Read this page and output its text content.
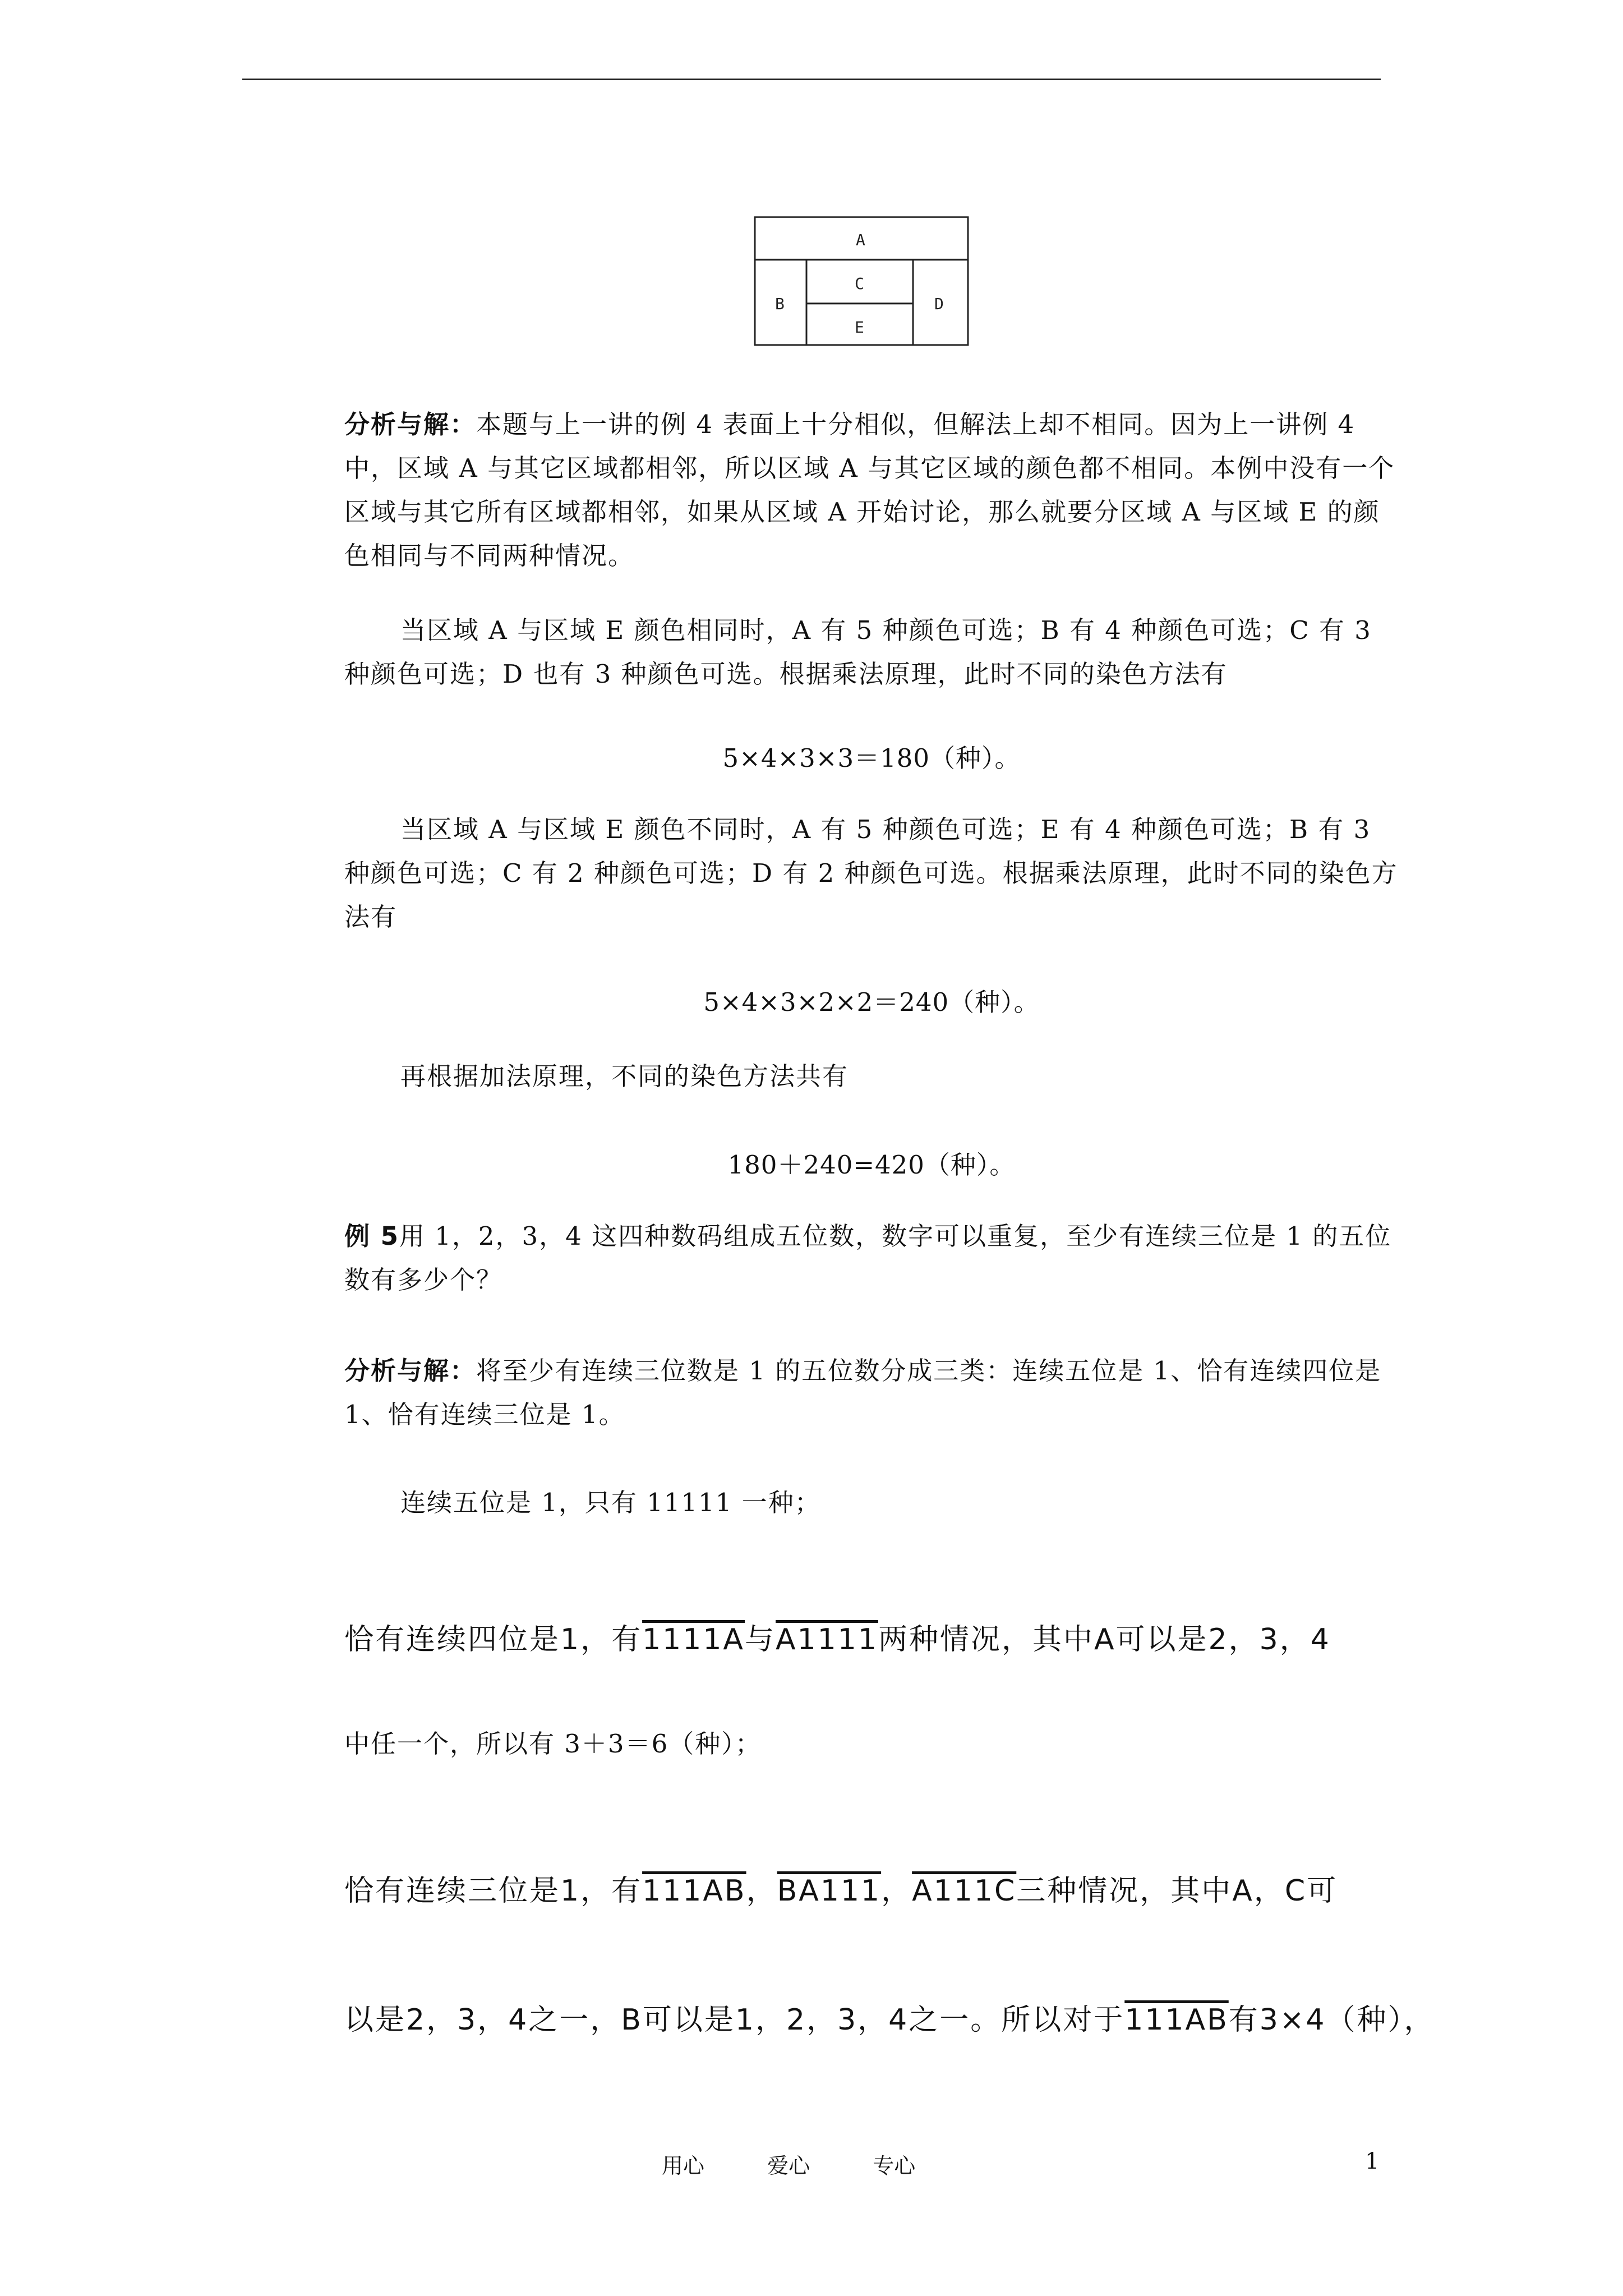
A
B
C
D
E

分析与解：本题与上一讲的例 4 表面上十分相似，但解法上却不相同。因为上一讲例 4 中，区域 A 与其它区域都相邻，所以区域 A 与其它区域的颜色都不相同。本例中没有一个区域与其它所有区域都相邻，如果从区域 A 开始讨论，那么就要分区域 A 与区域 E 的颜色相同与不同两种情况。

当区域 A 与区域 E 颜色相同时，A 有 5 种颜色可选；B 有 4 种颜色可选；C 有 3 种颜色可选；D 也有 3 种颜色可选。根据乘法原理，此时不同的染色方法有

5×4×3×3＝180（种）。

当区域 A 与区域 E 颜色不同时，A 有 5 种颜色可选；E 有 4 种颜色可选；B 有 3 种颜色可选；C 有 2 种颜色可选；D 有 2 种颜色可选。根据乘法原理，此时不同的染色方法有

5×4×3×2×2＝240（种）。

再根据加法原理，不同的染色方法共有

180＋240=420（种）。

例 5用 1，2，3，4 这四种数码组成五位数，数字可以重复，至少有连续三位是 1 的五位数有多少个？

分析与解：将至少有连续三位数是 1 的五位数分成三类：连续五位是 1、恰有连续四位是 1、恰有连续三位是 1。

连续五位是 1，只有 11111 一种；

恰有连续四位是1，有1111A与A1111两种情况，其中A可以是2，3，4

中任一个，所以有 3＋3＝6（种）；

恰有连续三位是1，有111AB，BA111，A111C三种情况，其中A，C可
以是2，3，4之一，B可以是1，2，3，4之一。所以对于111AB有3×4（种），
用心	爱心	专心	1
